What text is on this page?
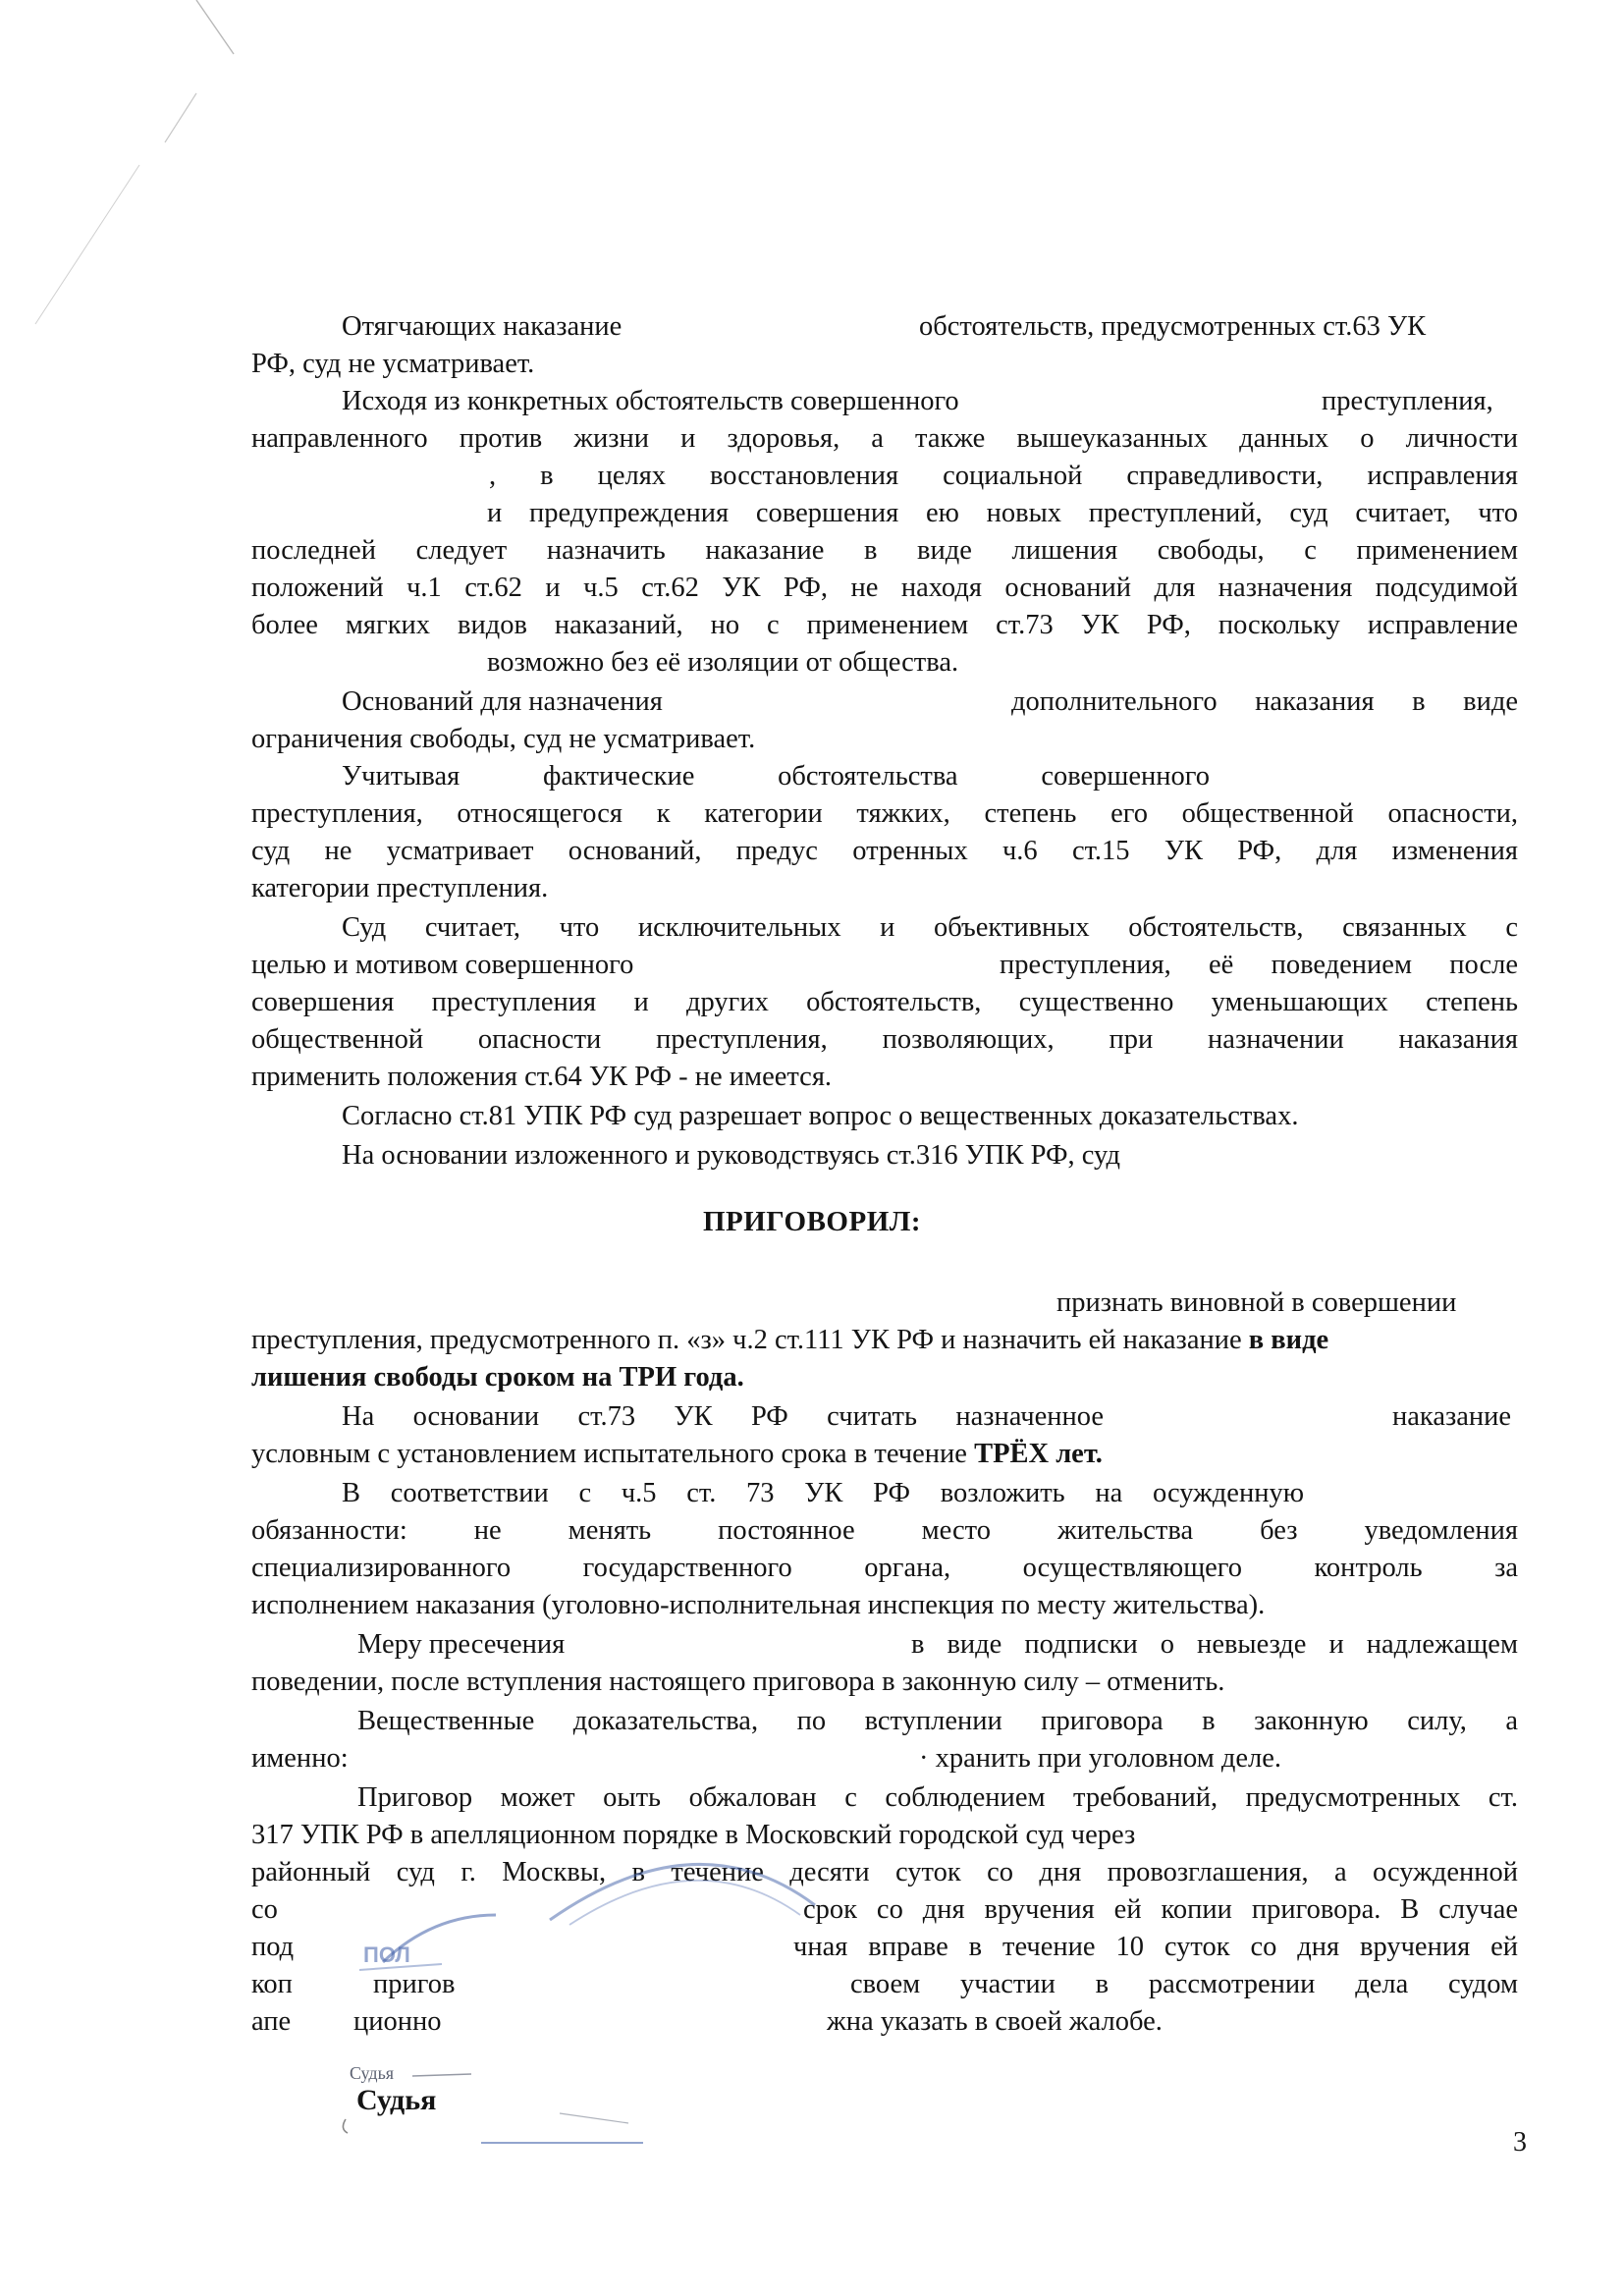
Отягчающих наказание	обстоятельств, предусмотренных ст.63 УК
РФ, суд не усматривает.
Исходя из конкретных обстоятельств совершенного	преступления,
направленного против жизни и здоровья, а также вышеуказанных данных о личности
, в целях восстановления социальной справедливости, исправления
и предупреждения совершения ею новых преступлений, суд считает, что
последней следует назначить наказание в виде лишения свободы, с применением
положений ч.1 ст.62 и ч.5 ст.62 УК РФ, не находя оснований для назначения подсудимой
более мягких видов наказаний, но с применением ст.73 УК РФ, поскольку исправление
возможно без её изоляции от общества.
Оснований для назначения	дополнительного наказания в виде
ограничения свободы, суд не усматривает.
Учитывая фактические обстоятельства совершенного
преступления, относящегося к категории тяжких, степень его общественной опасности,
суд не усматривает оснований, предус отренных ч.6 ст.15 УК РФ, для изменения
категории преступления.
Суд считает, что исключительных и объективных обстоятельств, связанных с
целью и мотивом совершенного	преступления, её поведением после
совершения преступления и других обстоятельств, существенно уменьшающих степень
общественной опасности преступления, позволяющих, при назначении наказания
применить положения ст.64 УК РФ - не имеется.
Согласно ст.81 УПК РФ суд разрешает вопрос о вещественных доказательствах.
На основании изложенного и руководствуясь ст.316 УПК РФ, суд
ПРИГОВОРИЛ:
признать виновной в совершении
преступления, предусмотренного п. «з» ч.2 ст.111 УК РФ и назначить ей наказание в виде
лишения свободы сроком на ТРИ года.
На основании ст.73 УК РФ считать назначенное	наказание
условным с установлением испытательного срока в течение ТРЁХ лет.
В соответствии с ч.5 ст. 73 УК РФ возложить на осужденную
обязанности: не менять постоянное место жительства без уведомления
специализированного государственного органа, осуществляющего контроль за
исполнением наказания (уголовно-исполнительная инспекция по месту жительства).
Меру пресечения	в виде подписки о невыезде и надлежащем
поведении, после вступления настоящего приговора в законную силу – отменить.
Вещественные доказательства, по вступлении приговора в законную силу, а
именно:	· хранить при уголовном деле.
Приговор может оыть обжалован с соблюдением требований, предусмотренных ст.
317 УПК РФ в апелляционном порядке в Московский городской суд через
районный суд г. Москвы, в течение десяти суток со дня провозглашения, а осужденной
со	срок со дня вручения ей копии приговора. В случае
под	чная вправе в течение 10 суток со дня вручения ей
коп	пригов	своем участии в рассмотрении дела судом
апе ционно	жна указать в своей жалобе.
ПОЛ
Судья
Судья
3
